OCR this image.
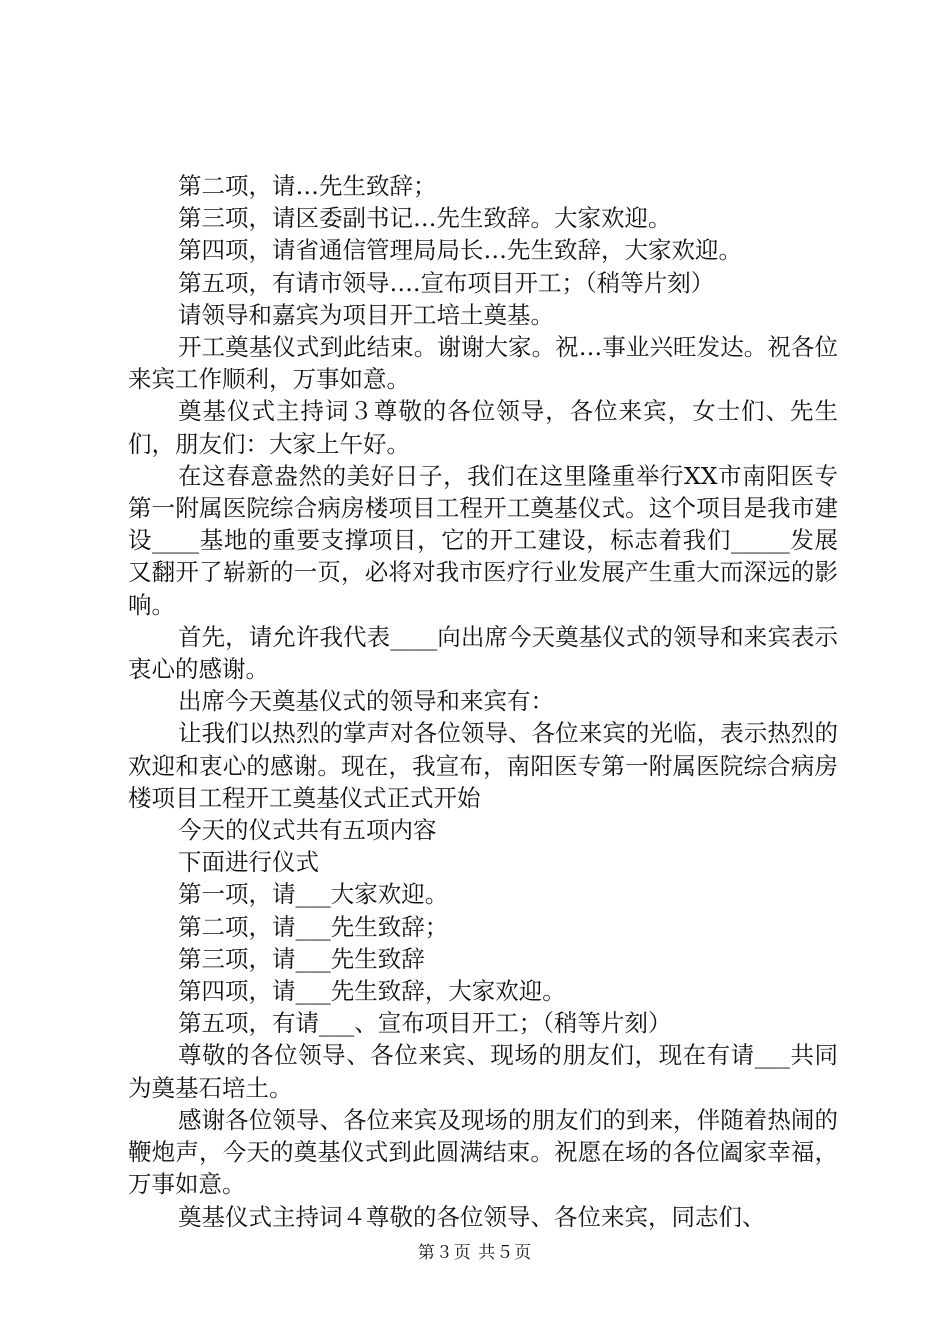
第二项，请…先生致辞；

第三项，请区委副书记…先生致辞。大家欢迎。

第四项，请省通信管理局局长…先生致辞，大家欢迎。

第五项，有请市领导….宣布项目开工；（稍等片刻）

请领导和嘉宾为项目开工培土奠基。

开工奠基仪式到此结束。谢谢大家。祝…事业兴旺发达。祝各位来宾工作顺利，万事如意。

奠基仪式主持词３尊敬的各位领导，各位来宾，女士们、先生们，朋友们：大家上午好。

在这春意盎然的美好日子，我们在这里隆重举行XX市南阳医专第一附属医院综合病房楼项目工程开工奠基仪式。这个项目是我市建设____基地的重要支撑项目，它的开工建设，标志着我们_____发展又翻开了崭新的一页，必将对我市医疗行业发展产生重大而深远的影响。

首先，请允许我代表____向出席今天奠基仪式的领导和来宾表示衷心的感谢。

出席今天奠基仪式的领导和来宾有：

让我们以热烈的掌声对各位领导、各位来宾的光临，表示热烈的欢迎和衷心的感谢。现在，我宣布，南阳医专第一附属医院综合病房楼项目工程开工奠基仪式正式开始

今天的仪式共有五项内容

下面进行仪式

第一项，请___大家欢迎。

第二项，请___先生致辞；

第三项，请___先生致辞

第四项，请___先生致辞，大家欢迎。

第五项，有请___、宣布项目开工；（稍等片刻）

尊敬的各位领导、各位来宾、现场的朋友们，现在有请___共同为奠基石培土。

感谢各位领导、各位来宾及现场的朋友们的到来，伴随着热闹的鞭炮声，今天的奠基仪式到此圆满结束。祝愿在场的各位阖家幸福，万事如意。

奠基仪式主持词４尊敬的各位领导、各位来宾，同志们、

第３页 共５页
